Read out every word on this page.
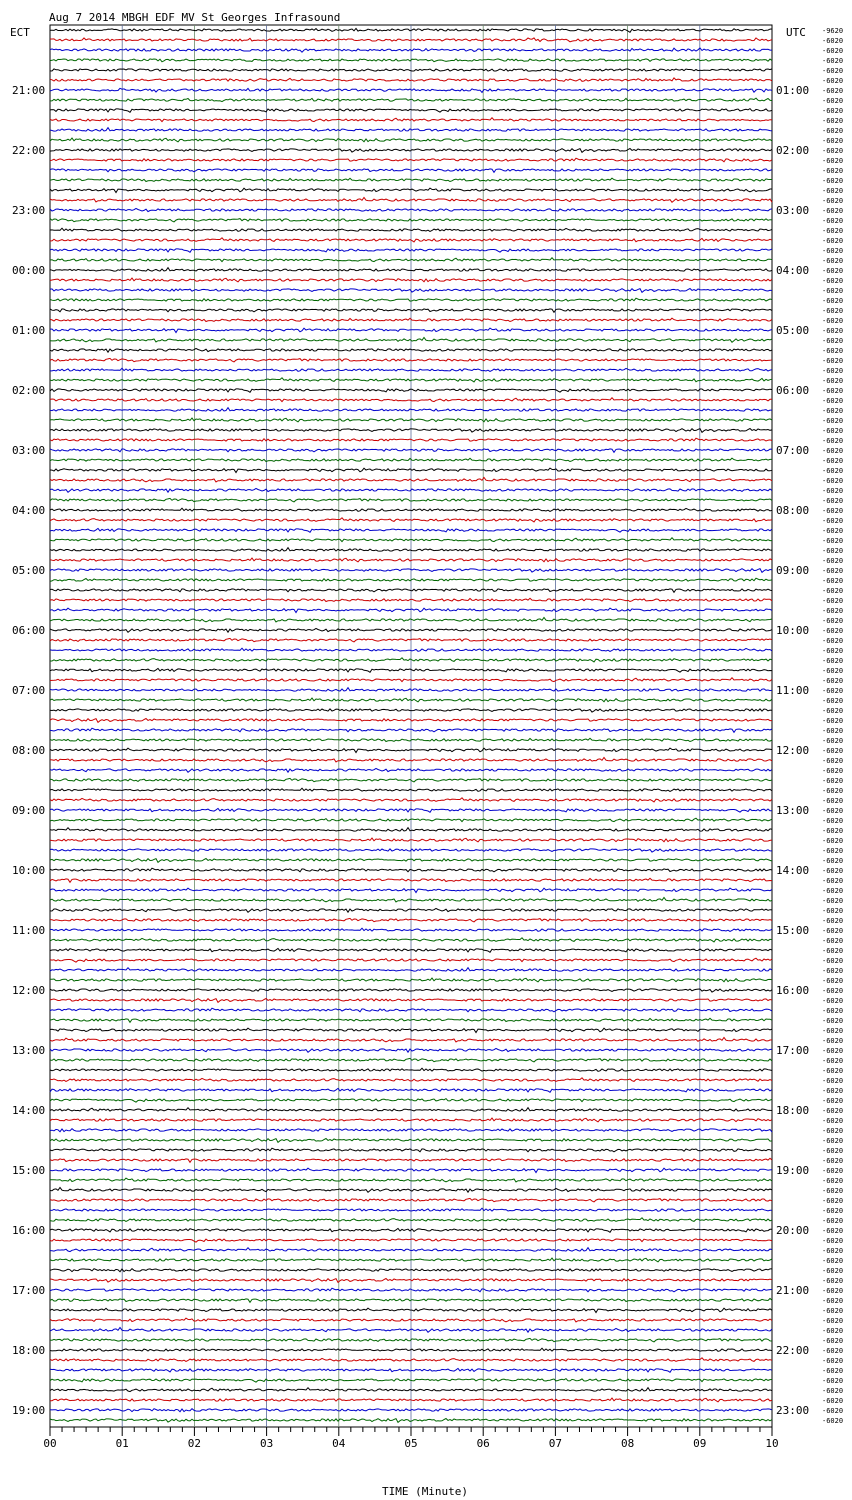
Aug 7 2014 MBGH EDF MV St Georges Infrasound
ECT	UTC
21:00
22:00
23:00
00:00
01:00
02:00
03:00
04:00
05:00
06:00
07:00
08:00
09:00
10:00
11:00
12:00
13:00
14:00
15:00
16:00
17:00
18:00
19:00
01:00
02:00
03:00
04:00
05:00
06:00
07:00
08:00
09:00
10:00
11:00
12:00
13:00
14:00
15:00
16:00
17:00
18:00
19:00
20:00
21:00
22:00
23:00
-9620
-6020
-6020
-6020
-6020
-6020
-6020
-6020
-6020
-6020
-6020
-6020
-6020
-6020
-6020
-6020
-6020
-6020
-6020
-6020
-6020
-6020
-6020
-6020
-6020
-6020
-6020
-6020
-6020
-6020
-6020
-6020
-6020
-6020
-6020
-6020
-6020
-6020
-6020
-6020
-6020
-6020
-6020
-6020
-6020
-6020
-6020
-6020
-6020
-6020
-6020
-6020
-6020
-6020
-6020
-6020
-6020
-6020
-6020
-6020
-6020
-6020
-6020
-6020
-6020
-6020
-6020
-6020
-6020
-6020
-6020
-6020
-6020
-6020
-6020
-6020
-6020
-6020
-6020
-6020
-6020
-6020
-6020
-6020
-6020
-6020
-6020
-6020
-6020
-6020
-6020
-6020
-6020
-6020
-6020
-6020
-6020
-6020
-6020
-6020
-6020
-6020
-6020
-6020
-6020
-6020
-6020
-6020
-6020
-6020
-6020
-6020
-6020
-6020
-6020
-6020
-6020
-6020
-6020
-6020
-6020
-6020
-6020
-6020
-6020
-6020
-6020
-6020
-6020
-6020
-6020
-6020
-6020
-6020
-6020
-6020
-6020
-6020
-6020
-6020
00	01	02	03	04	05	06	07	08	09	10
TIME (Minute)
